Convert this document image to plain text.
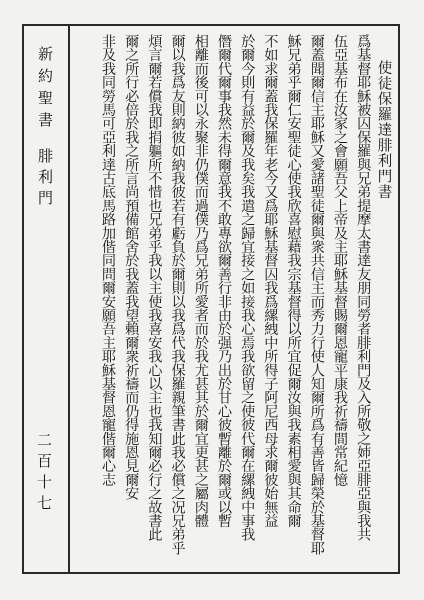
新約聖書
腓利門
二百十七
使徒保羅達腓利門書
爲基督耶穌被囚保羅與兄弟提摩太書達友朋同勞者腓利門及入所敬之姉亞腓亞與我共
伍亞基布在汝家之會願吾父上帝及主耶穌基督賜爾恩寵平康我祈禱間常紀憶
爾蓋聞爾信主耶穌又愛諸聖徒爾與衆共信主而秀力行使人知爾所爲有善皆歸榮於基督耶
穌兄弟乎爾仁安聖徒心使我欣喜慰藉我宗基督得以所宜促爾汝與我素相愛與其命爾
不如求爾蓋我保羅年老今又爲耶穌基督囚我爲縲絏中所得子阿尼西母求爾彼始無益
於爾今則有益於爾及我矣我遣之歸宜接之如接我心焉我欲留之使彼代爾在縲絏中事我
僭爾代爾事我然未得爾意我不敢專欲爾善行非由於强乃出於甘心彼暫離於爾或以暫
相離而後可以永聚非仍僕而過僕乃爲兄弟所愛者而於我尤甚其於爾宜更甚之屬肉體
爾以我爲友則納彼如納我彼若有虧負於爾則以我爲代我保羅親筆書此我必償之况兄弟乎
煩言爾若償我即捐軀所不惜也兄弟乎我以主使我喜安我心以主也我知爾必行之故書此
爾之所行必倍於我之所言尚預備館舍於我蓋我望賴爾衆祈禱而仍得施恩見爾安
非及我同勞馬可亞利達古底馬路加偕同問爾安願吾主耶穌基督恩寵偕爾心志
